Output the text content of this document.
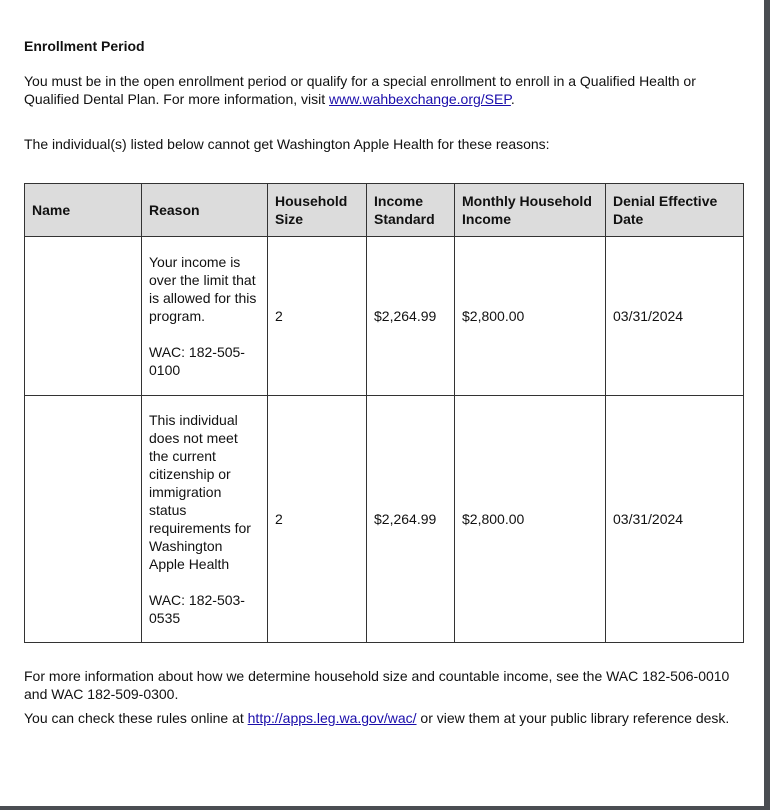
Enrollment Period
You must be in the open enrollment period or qualify for a special enrollment to enroll in a Qualified Health or Qualified Dental Plan. For more information, visit www.wahbexchange.org/SEP.
The individual(s) listed below cannot get Washington Apple Health for these reasons:
Name	Reason	Household Size	Income Standard	Monthly Household Income	Denial Effective Date

	Your income is over the limit that is allowed for this program.
WAC: 182-505-0100	2	$2,264.99	$2,800.00	03/31/2024

	This individual does not meet the current citizenship or immigration status requirements for Washington Apple Health
WAC: 182-503-0535	2	$2,264.99	$2,800.00	03/31/2024
For more information about how we determine household size and countable income, see the WAC 182-506-0010 and WAC 182-509-0300.
You can check these rules online at http://apps.leg.wa.gov/wac/ or view them at your public library reference desk.
